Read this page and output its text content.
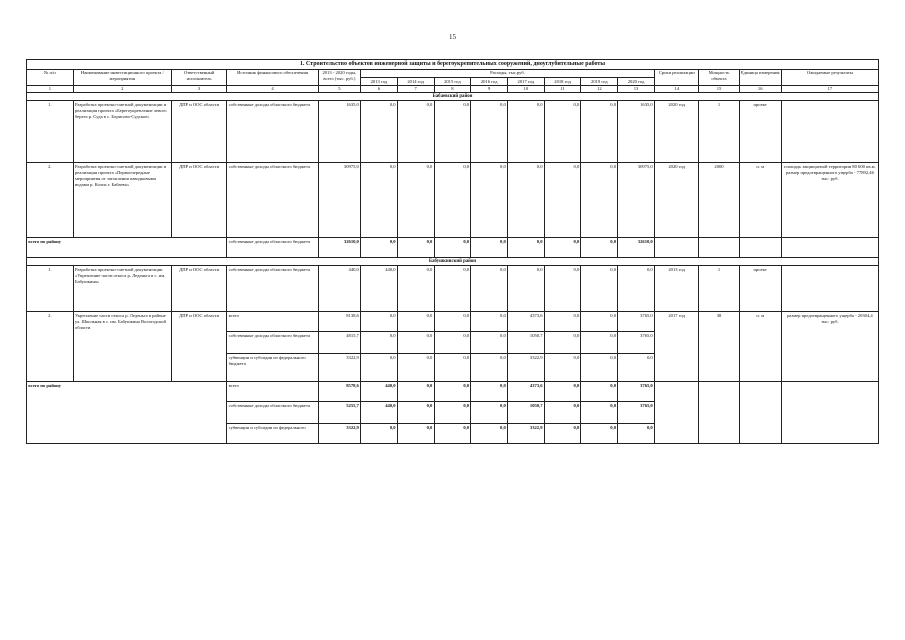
15
1. Строительство объектов инженерной защиты и берегоукрепительных сооружений, дноуглубительные работы																
№ п/п	Наименование инвестиционного проекта / мероприятия	Ответственный исполнитель	Источник финансового обеспечения	2013 - 2020 годы, всего (тыс. руб.)	Расходы, тыс.руб.								Сроки реализации	Мощность объекта	Единица измерения	Ожидаемые результаты
					2013 год	2014 год	2015 год	2016 год	2017 год	2018 год	2019 год	2020 год				
1	2	3	4	5	6	7	8	9	10	11	12	13	14	15	16	17
Бабаевский район																
1.	Разработка проектно-сметной документации и реализация проекта «Берегоукрепление левого берега р. Суда в с. Борисово-Судское»	ДПР и ООС области	собственные доходы областного бюджета	1635,0	0,0	0,0	0,0	0,0	0,0	0,0	0,0	1635,0	2020 год	1	проект	
2.	Разработка проектно-сметной документации и реализация проекта «Первоочередные мероприятия от затопления паводковыми водами р. Колпь г. Бабаево»	ДПР и ООС области	собственные доходы областного бюджета	30975,0	0,0	0,0	0,0	0,0	0,0	0,0	0,0	30975,0	2020 год	2000	п. м	площадь защищаемой территории 80 600 кв.м, размер предотвращенного ущерба - 77892,46 тыс. руб.
всего по району			собственные доходы областного бюджета	32610,0	0,0	0,0	0,0	0,0	0,0	0,0	0,0	32610,0				
Бабушкинский район																
1.	Разработка проектно-сметной документации «Укрепление части откоса р. Леденьга в с. им. Бабушкина»	ДПР и ООС области	собственные доходы областного бюджета	440,0	440,0	0,0	0,0	0,0	0,0	0,0	0,0	0,0	2013 год	1	проект	
2.	Укрепление части откоса р. Леденьга в районе ул. Школьная в с. им. Бабушкина Вологодской области	ДПР и ООС области	всего	8138,6	0,0	0,0	0,0	0,0	4373,6	0,0	0,0	3765,0	2017 год	38	п. м	размер предотвращенного ущерба - 20304,4 тыс. руб.
			собственные доходы областного бюджета	4815,7	0,0	0,0	0,0	0,0	1050,7	0,0	0,0	3765,0				
			субвенции и субсидии из федерального бюджета	3322,9	0,0	0,0	0,0	0,0	3322,9	0,0	0,0	0,0				
всего по району			всего	8578,6	440,0	0,0	0,0	0,0	4373,6	0,0	0,0	3765,0				
			собственные доходы областного бюджета	5255,7	440,0	0,0	0,0	0,0	1050,7	0,0	0,0	3765,0				
			субвенции и субсидии из федерального	3322,9	0,0	0,0	0,0	0,0	3322,9	0,0	0,0	0,0				
